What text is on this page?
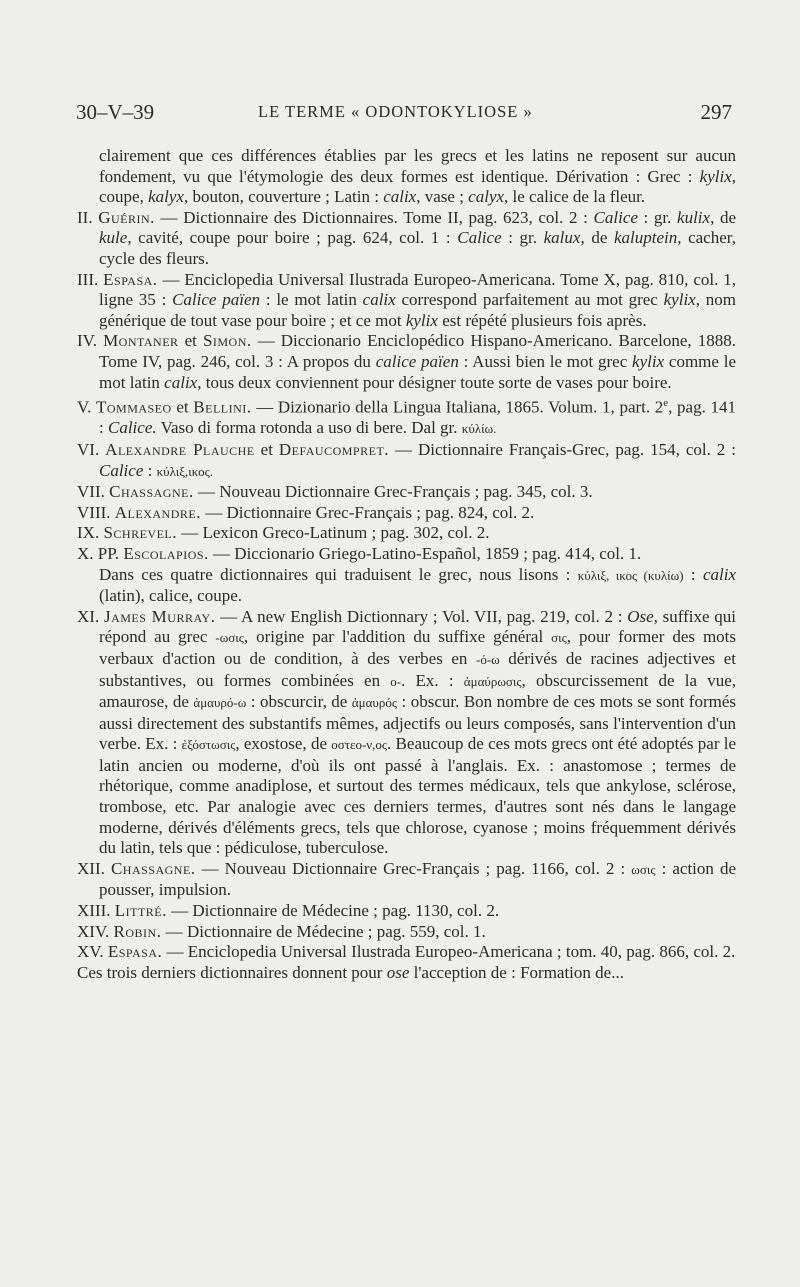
30–V–39	LE TERME « ODONTOKYLIOSE »	297

clairement que ces différences établies par les grecs et les latins ne reposent sur aucun fondement, vu que l'étymologie des deux formes est identique. Dérivation : Grec : kylix, coupe, kalyx, bouton, couverture ; Latin : calix, vase ; calyx, le calice de la fleur.

II. Guérin. — Dictionnaire des Dictionnaires. Tome II, pag. 623, col. 2 : Calice : gr. kulix, de kule, cavité, coupe pour boire ; pag. 624, col. 1 : Calice : gr. kalux, de kaluptein, cacher, cycle des fleurs.

III. Espasa. — Enciclopedia Universal Ilustrada Europeo-Americana. Tome X, pag. 810, col. 1, ligne 35 : Calice païen : le mot latin calix correspond parfaitement au mot grec kylix, nom générique de tout vase pour boire ; et ce mot kylix est répété plusieurs fois après.

IV. Montaner et Simon. — Diccionario Enciclopédico Hispano-Americano. Barcelone, 1888. Tome IV, pag. 246, col. 3 : A propos du calice païen : Aussi bien le mot grec kylix comme le mot latin calix, tous deux conviennent pour désigner toute sorte de vases pour boire.

V. Tommaseo et Bellini. — Dizionario della Lingua Italiana, 1865. Volum. 1, part. 2e, pag. 141 : Calice. Vaso di forma rotonda a uso di bere. Dal gr. κύλίω.

VI. Alexandre Plauche et Defaucompret. — Dictionnaire Français-Grec, pag. 154, col. 2 : Calice : κύλιξ,ικος.

VII. Chassagne. — Nouveau Dictionnaire Grec-Français ; pag. 345, col. 3.

VIII. Alexandre. — Dictionnaire Grec-Français ; pag. 824, col. 2.

IX. Schrevel. — Lexicon Greco-Latinum ; pag. 302, col. 2.

X. PP. Escolapios. — Diccionario Griego-Latino-Español, 1859 ; pag. 414, col. 1.

Dans ces quatre dictionnaires qui traduisent le grec, nous lisons : κύλιξ, ικος (κυλίω) : calix (latin), calice, coupe.

XI. James Murray. — A new English Dictionnary ; Vol. VII, pag. 219, col. 2 : Ose, suffixe qui répond au grec -ωσις, origine par l'addition du suffixe général σις, pour former des mots verbaux d'action ou de condition, à des verbes en -ό-ω dérivés de racines adjectives et substantives, ou formes combinées en ο-. Ex. : ἀμαύρωσις, obscurcissement de la vue, amaurose, de ἀμαυρό-ω : obscurcir, de ἀμαυρός : obscur. Bon nombre de ces mots se sont formés aussi directement des substantifs mêmes, adjectifs ou leurs composés, sans l'intervention d'un verbe. Ex. : ἐξόστωσις, exostose, de οστεο-ν,ος. Beaucoup de ces mots grecs ont été adoptés par le latin ancien ou moderne, d'où ils ont passé à l'anglais. Ex. : anastomose ; termes de rhétorique, comme anadiplose, et surtout des termes médicaux, tels que ankylose, sclérose, trombose, etc. Par analogie avec ces derniers termes, d'autres sont nés dans le langage moderne, dérivés d'éléments grecs, tels que chlorose, cyanose ; moins fréquemment dérivés du latin, tels que : pédiculose, tuberculose.

XII. Chassagne. — Nouveau Dictionnaire Grec-Français ; pag. 1166, col. 2 : ωσις : action de pousser, impulsion.

XIII. Littré. — Dictionnaire de Médecine ; pag. 1130, col. 2.

XIV. Robin. — Dictionnaire de Médecine ; pag. 559, col. 1.

XV. Espasa. — Enciclopedia Universal Ilustrada Europeo-Americana ; tom. 40, pag. 866, col. 2.

Ces trois derniers dictionnaires donnent pour ose l'acception de : Formation de...
